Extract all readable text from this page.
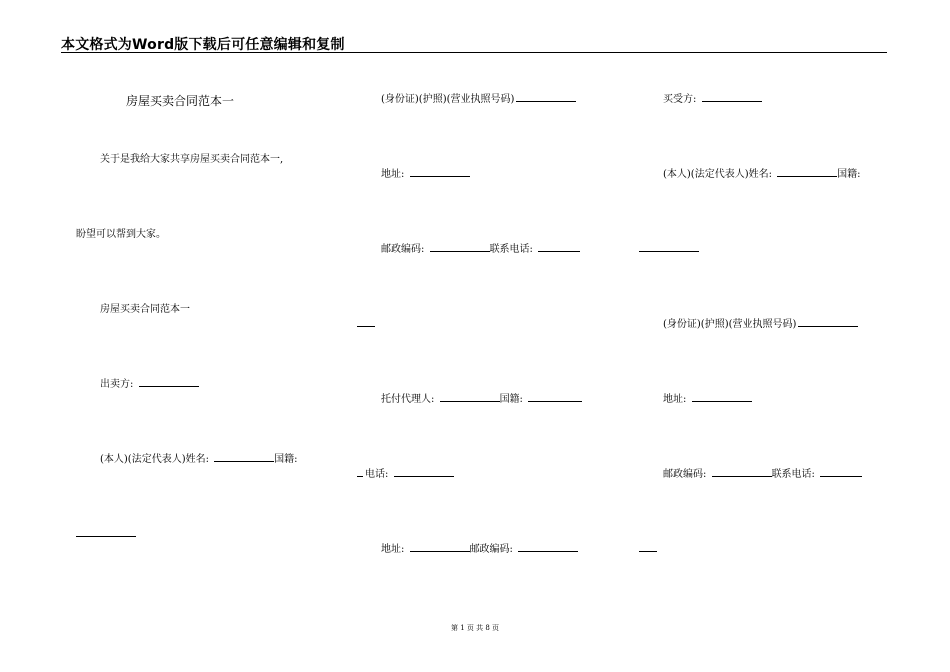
本文格式为Word版下载后可任意编辑和复制
房屋买卖合同范本一
关于是我给大家共享房屋买卖合同范本一,
盼望可以帮到大家。
房屋买卖合同范本一
出卖方:
(本人)(法定代表人)姓名:	国籍:
(身份证)(护照)(营业执照号码)
地址:
邮政编码:	联系电话:
托付代理人:	国籍:
电话:
地址:	邮政编码:
买受方:
(本人)(法定代表人)姓名:	国籍:
(身份证)(护照)(营业执照号码)
地址:
邮政编码:	联系电话:
第 1 页 共 8 页
